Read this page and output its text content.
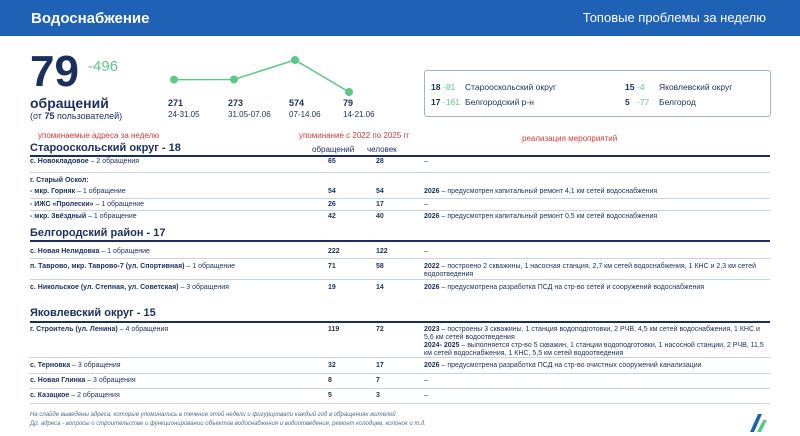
Водоснабжение	Топовые проблемы за неделю
79 -496
обращений
(от 75 пользователей)
271
24-31.05
273
31.05-07.06
574
07-14.06
79
14-21.06
18 -81 Старооскольский округ
17 -161 Белгородский р-н
15 -4 Яковлевский округ
5 -77 Белгород
упоминаемые адреса за неделю	упоминание с 2022 по 2025 гг	реализация мероприятий
обращений человек
Старооскольский округ - 18
с. Новокладовое – 2 обращения	65	28	–
г. Старый Оскол:
- мкр. Горняк – 1 обращение	54	54	2026 – предусмотрен капитальный ремонт 4,1 км сетей водоснабжения
- ИЖС «Пролески» – 1 обращение	26	17	–
- мкр. Звёздный – 1 обращение	42	40	2026 – предусмотрен капитальный ремонт 0,5 км сетей водоснабжения
Белгородский район - 17
с. Новая Нелидовка – 1 обращение	222	122	–
п. Таврово, мкр. Таврово-7 (ул. Спортивная) – 1 обращение	71	58	2022 – построено 2 скважины, 1 насосная станция, 2,7 км сетей водоснабжения, 1 КНС и 2,3 км сетей водоотведения
с. Никольское (ул. Степная, ул. Советская) – 3 обращения	19	14	2026 – предусмотрена разработка ПСД на стр-во сетей и сооружений водоснабжения
Яковлевский округ - 15
г. Строитель (ул. Ленина) – 4 обращения	119	72	2023 – построены 3 скважины, 1 станция водоподготовки, 2 РЧВ, 4,5 км сетей водоснабжения, 1 КНС и 5,6 км сетей водоотведения
2024- 2025 – выполняется стр-во 5 скважин, 1 станции водоподготовки, 1 насосной станции, 2 РЧВ, 11,5 км сетей водоснабжения, 1 КНС, 5,5 км сетей водоотведения
с. Терновка – 3 обращения	32	17	2026 – предусмотрена разработка ПСД на стр-во очистных сооружений канализации
с. Новая Глинка – 3 обращения	8	7	–
с. Казацкое – 2 обращения	5	3	–
На слайде выведены адреса, которые упоминались в течение этой недели и фигурировали каждый год в обращениях жителей
Др. адреса - вопросы о строительстве и функционировании объектов водоснабжения и водоотведения, ремонт колодцев, колонок и т.д.
